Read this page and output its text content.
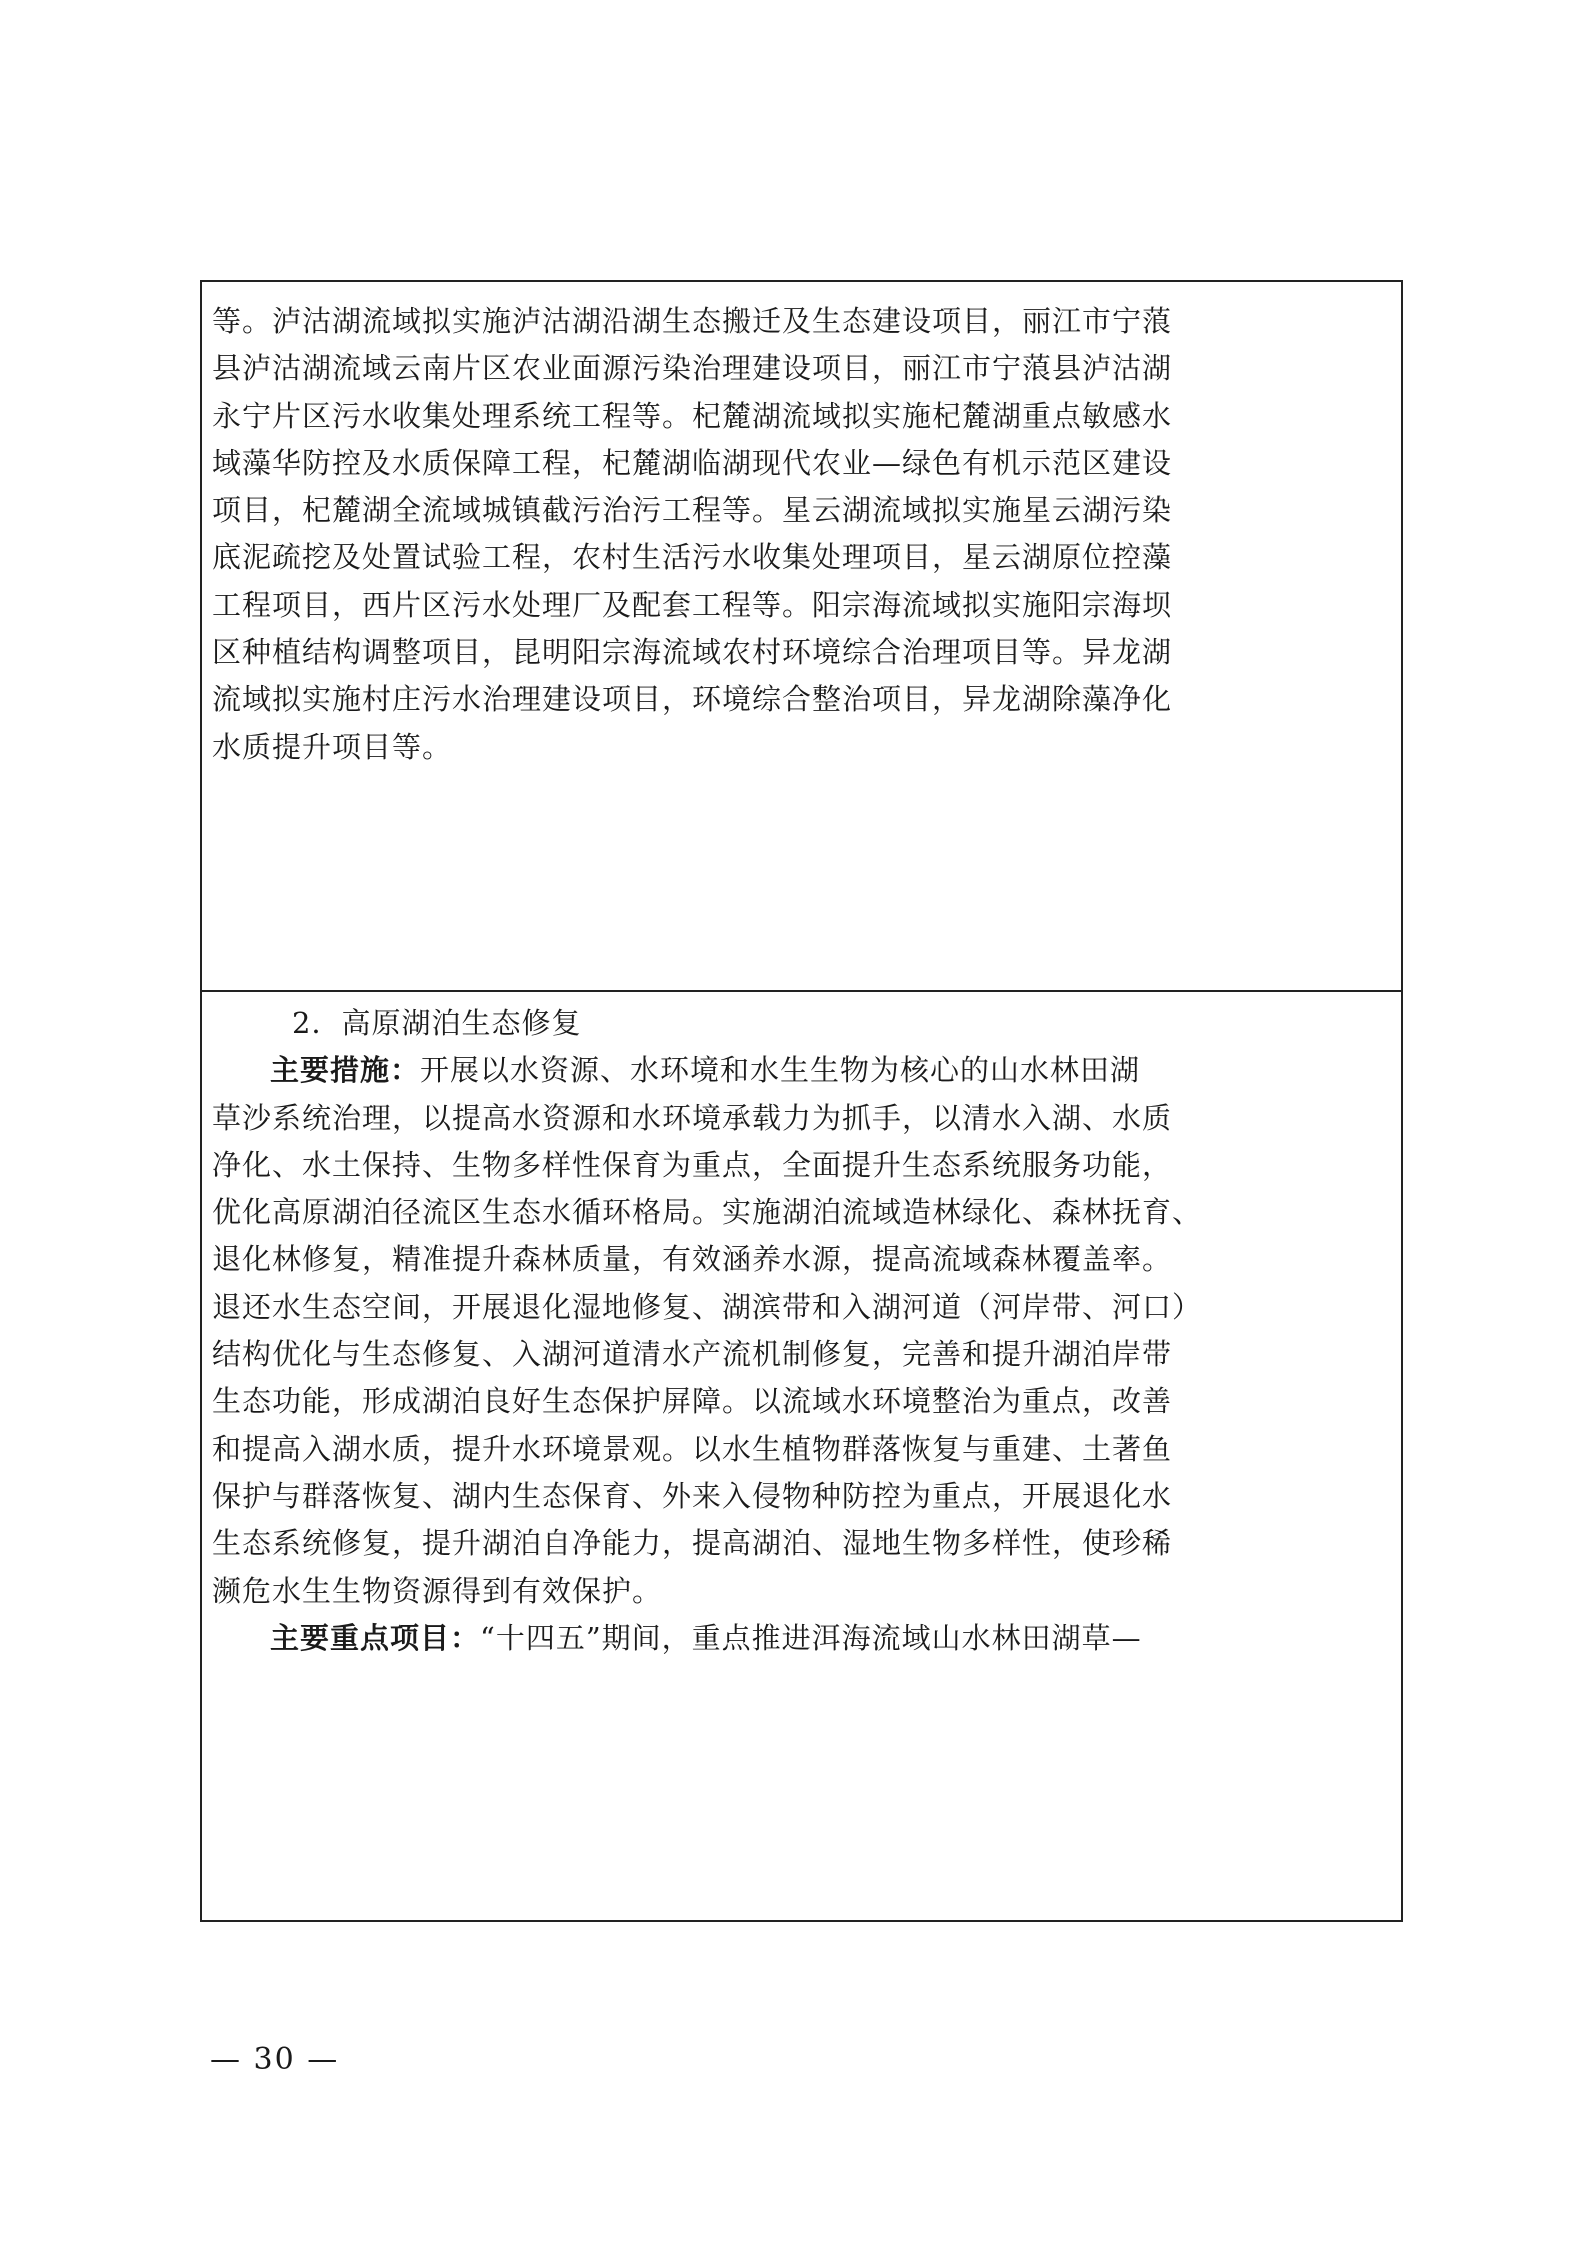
等。泸沽湖流域拟实施泸沽湖沿湖生态搬迁及生态建设项目，丽江市宁蒗
县泸沽湖流域云南片区农业面源污染治理建设项目，丽江市宁蒗县泸沽湖
永宁片区污水收集处理系统工程等。杞麓湖流域拟实施杞麓湖重点敏感水
域藻华防控及水质保障工程，杞麓湖临湖现代农业—绿色有机示范区建设
项目，杞麓湖全流域城镇截污治污工程等。星云湖流域拟实施星云湖污染
底泥疏挖及处置试验工程，农村生活污水收集处理项目，星云湖原位控藻
工程项目，西片区污水处理厂及配套工程等。阳宗海流域拟实施阳宗海坝
区种植结构调整项目，昆明阳宗海流域农村环境综合治理项目等。异龙湖
流域拟实施村庄污水治理建设项目，环境综合整治项目，异龙湖除藻净化
水质提升项目等。
2．高原湖泊生态修复
主要措施：开展以水资源、水环境和水生生物为核心的山水林田湖
草沙系统治理，以提高水资源和水环境承载力为抓手，以清水入湖、水质
净化、水土保持、生物多样性保育为重点，全面提升生态系统服务功能，
优化高原湖泊径流区生态水循环格局。实施湖泊流域造林绿化、森林抚育、
退化林修复，精准提升森林质量，有效涵养水源，提高流域森林覆盖率。
退还水生态空间，开展退化湿地修复、湖滨带和入湖河道（河岸带、河口）
结构优化与生态修复、入湖河道清水产流机制修复，完善和提升湖泊岸带
生态功能，形成湖泊良好生态保护屏障。以流域水环境整治为重点，改善
和提高入湖水质，提升水环境景观。以水生植物群落恢复与重建、土著鱼
保护与群落恢复、湖内生态保育、外来入侵物种防控为重点，开展退化水
生态系统修复，提升湖泊自净能力，提高湖泊、湿地生物多样性，使珍稀
濒危水生生物资源得到有效保护。
主要重点项目：“十四五”期间，重点推进洱海流域山水林田湖草—
— 30 —
